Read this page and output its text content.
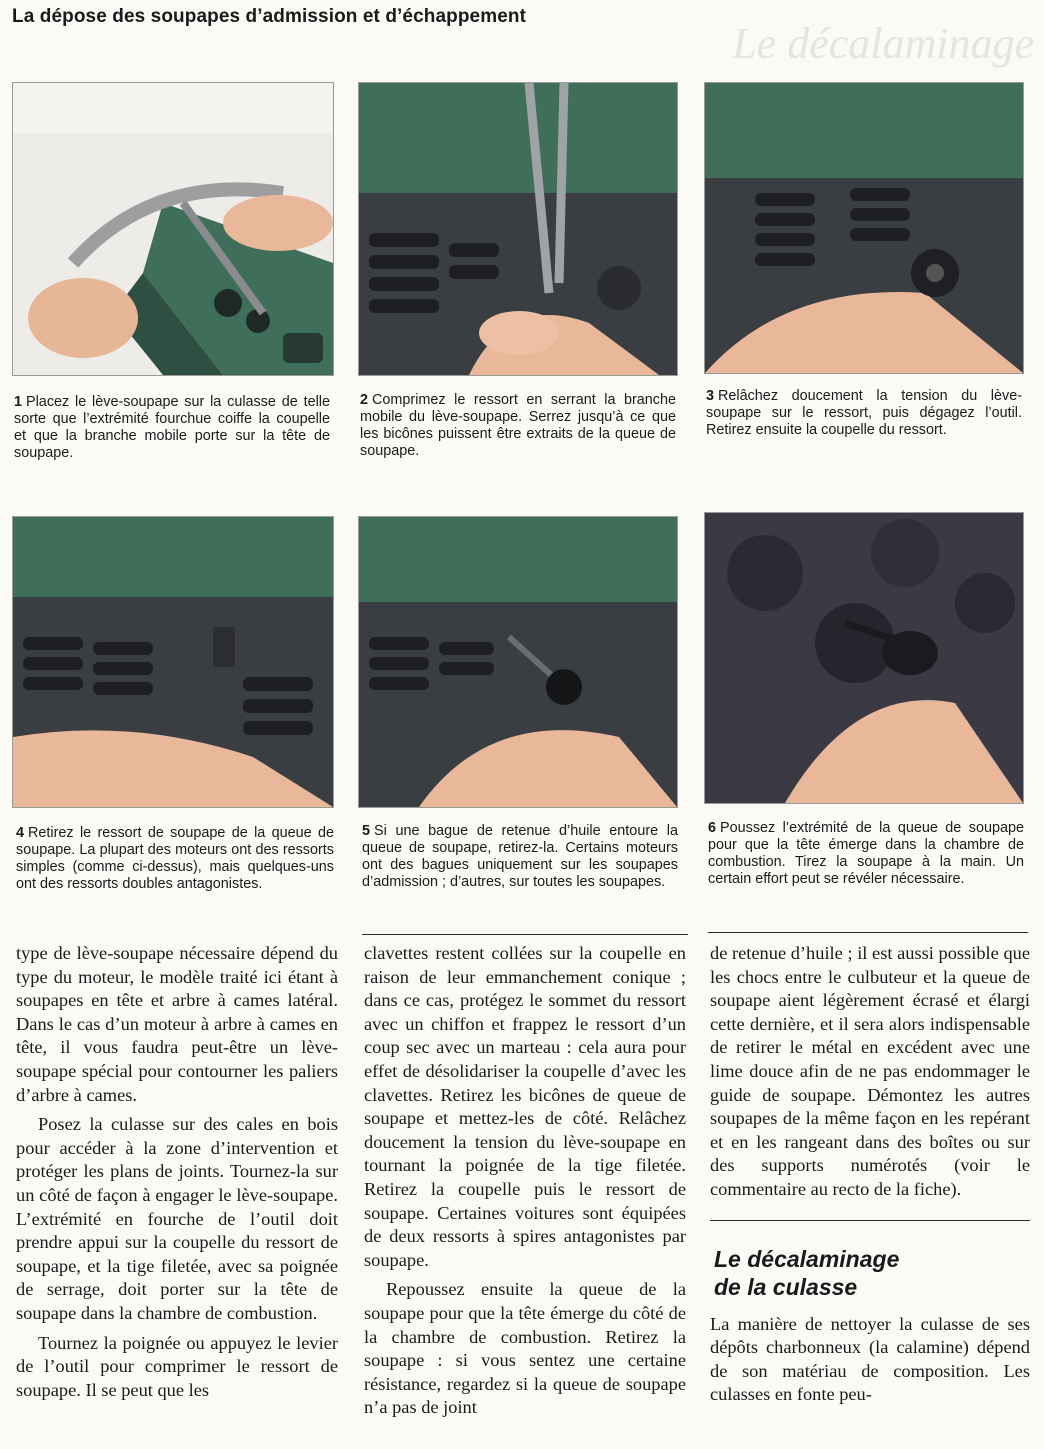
Le décalaminage
La dépose des soupapes d’admission et d’échappement
1 Placez le lève-soupape sur la culasse de telle sorte que l’extrémité fourchue coiffe la coupelle et que la branche mobile porte sur la tête de soupape.
2 Comprimez le ressort en serrant la branche mobile du lève-soupape. Serrez jusqu’à ce que les bicônes puissent être extraits de la queue de soupape.
3 Relâchez doucement la tension du lève-soupape sur le ressort, puis dégagez l’outil. Retirez ensuite la coupelle du ressort.
4 Retirez le ressort de soupape de la queue de soupape. La plupart des moteurs ont des ressorts simples (comme ci-dessus), mais quelques-uns ont des ressorts doubles antagonistes.
5 Si une bague de retenue d’huile entoure la queue de soupape, retirez-la. Certains moteurs ont des bagues uniquement sur les soupapes d’admission ; d’autres, sur toutes les soupapes.
6 Poussez l’extrémité de la queue de soupape pour que la tête émerge dans la chambre de combustion. Tirez la soupape à la main. Un certain effort peut se révéler nécessaire.

type de lève-soupape nécessaire dépend du type du moteur, le modèle traité ici étant à soupapes en tête et arbre à cames latéral. Dans le cas d’un moteur à arbre à cames en tête, il vous faudra peut-être un lève-soupape spécial pour contourner les paliers d’arbre à cames.

Posez la culasse sur des cales en bois pour accéder à la zone d’intervention et protéger les plans de joints. Tournez-la sur un côté de façon à engager le lève-soupape. L’extrémité en fourche de l’outil doit prendre appui sur la coupelle du ressort de soupape, et la tige filetée, avec sa poignée de serrage, doit porter sur la tête de soupape dans la chambre de combustion.

Tournez la poignée ou appuyez le levier de l’outil pour comprimer le ressort de soupape. Il se peut que les

clavettes restent collées sur la coupelle en raison de leur emmanchement conique ; dans ce cas, protégez le sommet du ressort avec un chiffon et frappez le ressort d’un coup sec avec un marteau : cela aura pour effet de désolidariser la coupelle d’avec les clavettes. Retirez les bicônes de queue de soupape et mettez-les de côté. Relâchez doucement la tension du lève-soupape en tournant la poignée de la tige filetée. Retirez la coupelle puis le ressort de soupape. Certaines voitures sont équipées de deux ressorts à spires antagonistes par soupape.

Repoussez ensuite la queue de la soupape pour que la tête émerge du côté de la chambre de combustion. Retirez la soupape : si vous sentez une certaine résistance, regardez si la queue de soupape n’a pas de joint

de retenue d’huile ; il est aussi possible que les chocs entre le culbuteur et la queue de soupape aient légèrement écrasé et élargi cette dernière, et il sera alors indispensable de retirer le métal en excédent avec une lime douce afin de ne pas endommager le guide de soupape. Démontez les autres soupapes de la même façon en les repérant et en les rangeant dans des boîtes ou sur des supports numérotés (voir le commentaire au recto de la fiche).

Le décalaminage
de la culasse

La manière de nettoyer la culasse de ses dépôts charbonneux (la calamine) dépend de son matériau de composition. Les culasses en fonte peu-
